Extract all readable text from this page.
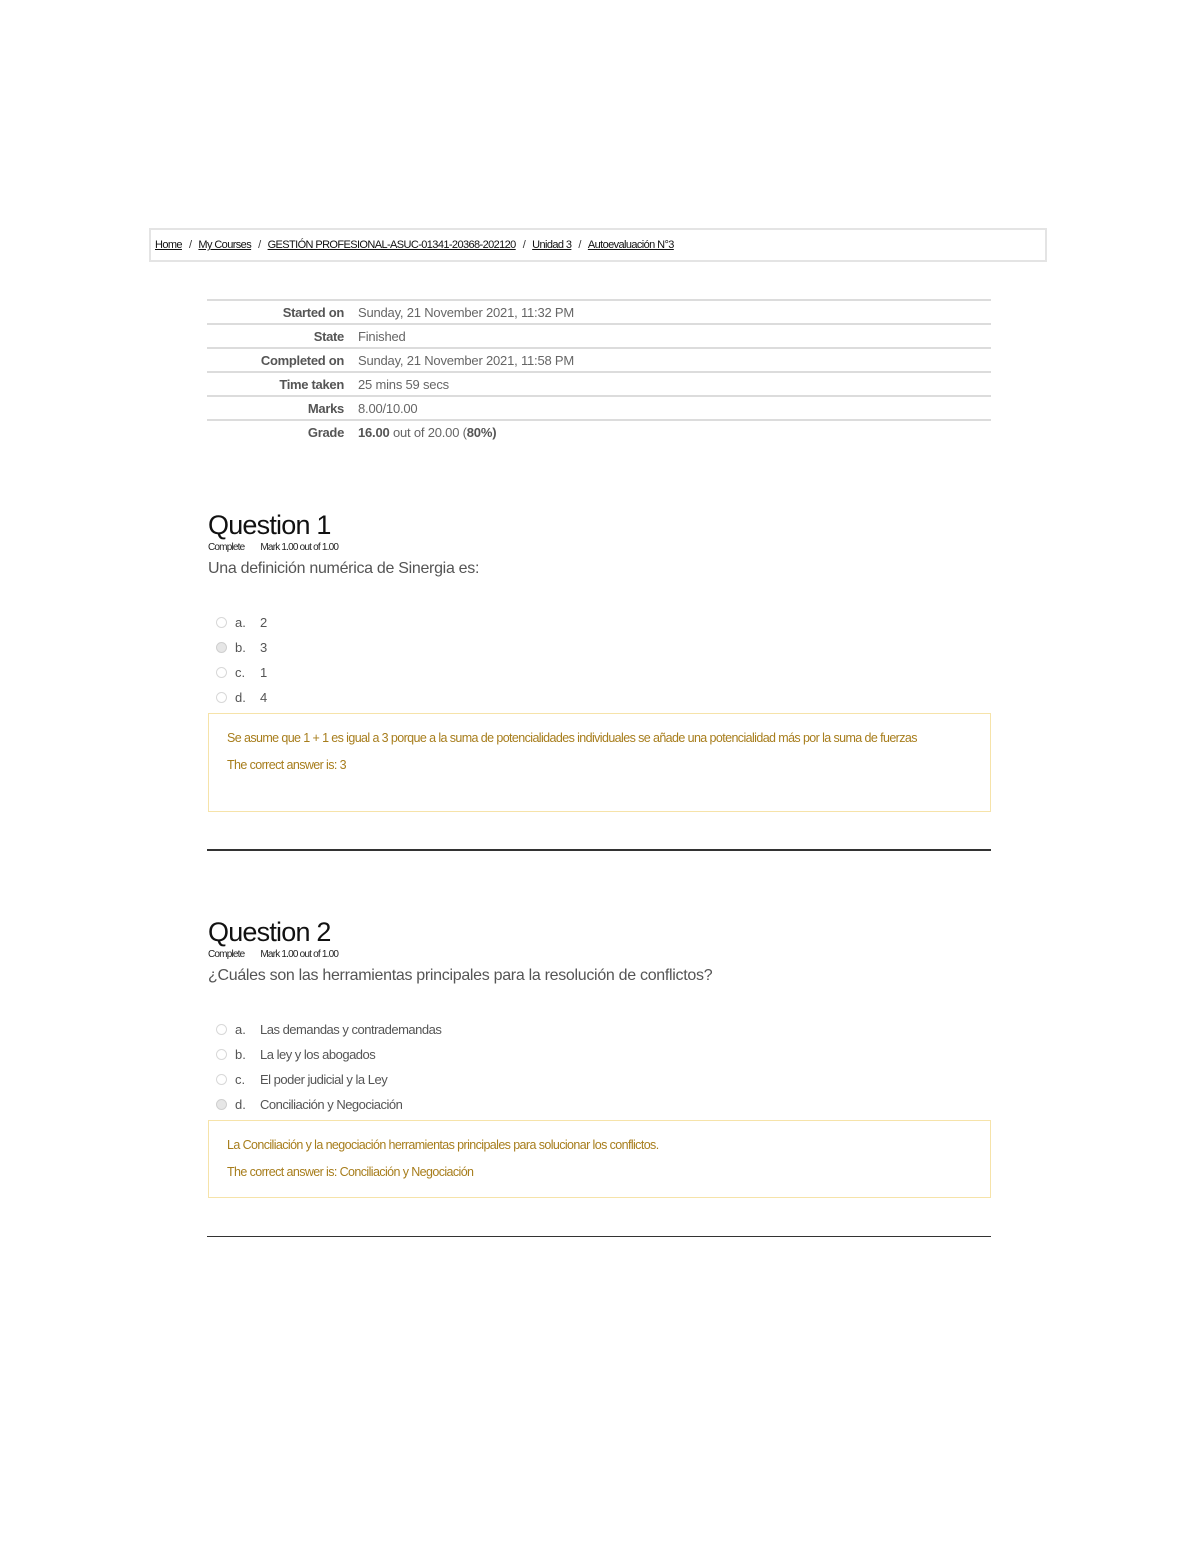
Home / My Courses / GESTIÓN PROFESIONAL-ASUC-01341-20368-202120 / Unidad 3 / Autoevaluación N°3
Started on	Sunday, 21 November 2021, 11:32 PM
State	Finished
Completed on	Sunday, 21 November 2021, 11:58 PM
Time taken	25 mins 59 secs
Marks	8.00/10.00
Grade	16.00 out of 20.00 (80%)
Question 1
Complete Mark 1.00 out of 1.00
Una definición numérica de Sinergia es:
a.	2
b.	3
c.	1
d.	4

Se asume que 1 + 1 es igual a 3 porque a la suma de potencialidades individuales se añade una potencialidad más por la suma de fuerzas

The correct answer is: 3

Question 2
Complete Mark 1.00 out of 1.00
¿Cuáles son las herramientas principales para la resolución de conflictos?
a.	Las demandas y contrademandas
b.	La ley y los abogados
c.	El poder judicial y la Ley
d.	Conciliación y Negociación

La Conciliación y la negociación herramientas principales para solucionar los conflictos.

The correct answer is: Conciliación y Negociación
